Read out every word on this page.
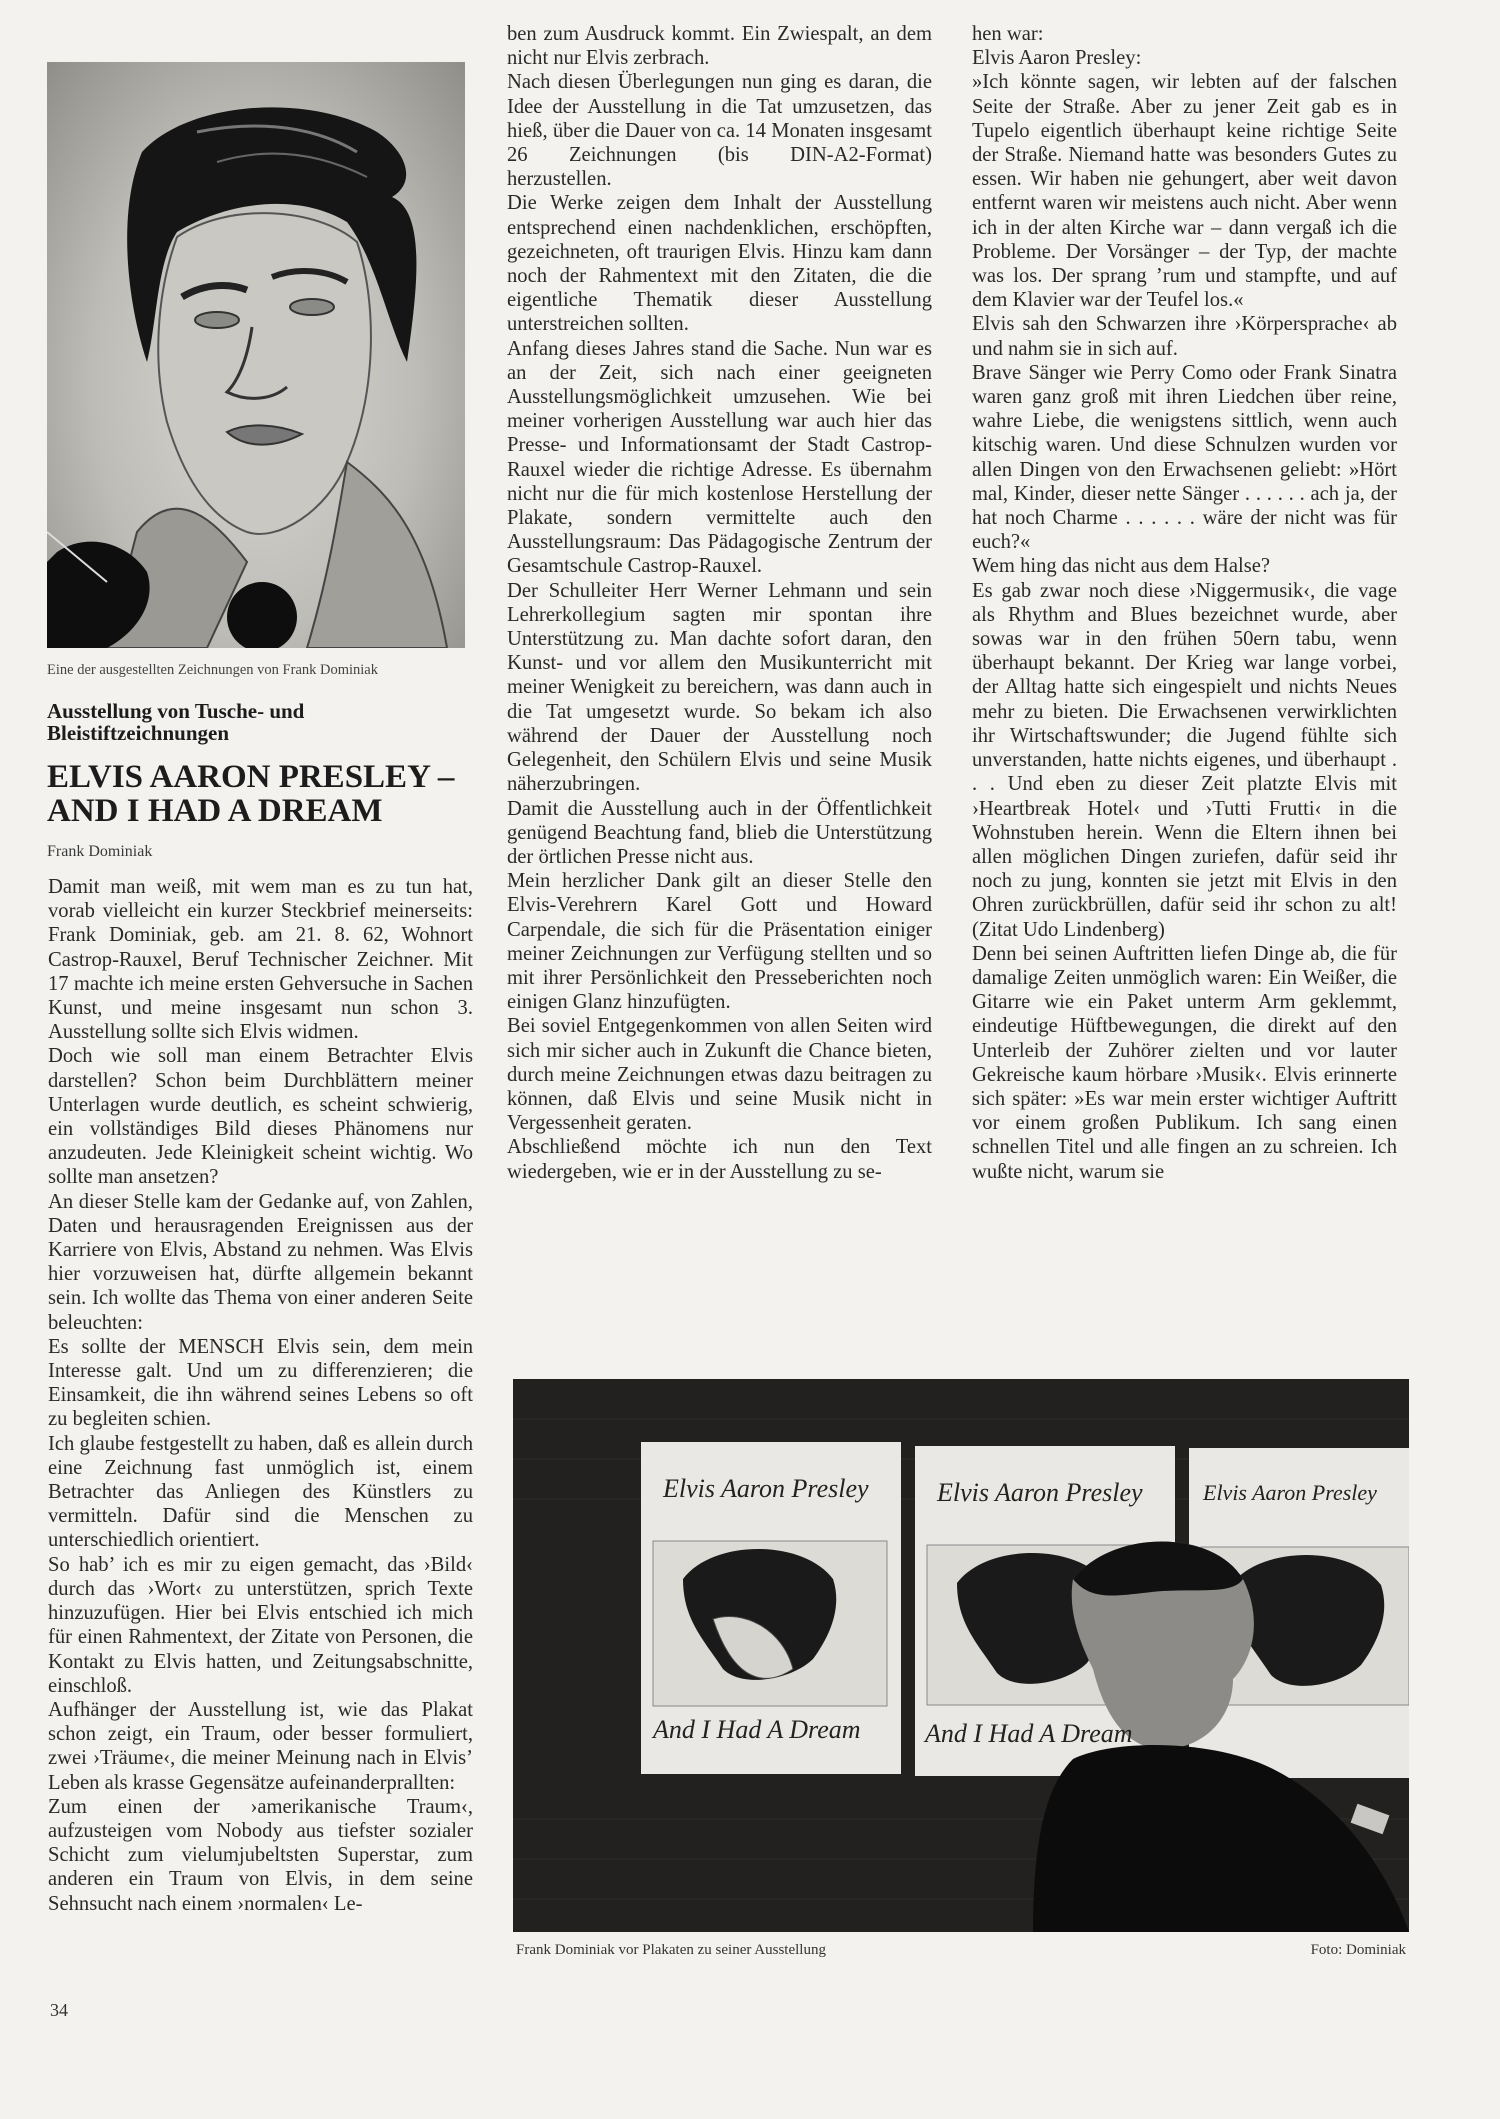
Eine der ausgestellten Zeichnungen von Frank Dominiak
Ausstellung von Tusche- und Bleistiftzeichnungen
ELVIS AARON PRESLEY – AND I HAD A DREAM
Frank Dominiak

Damit man weiß, mit wem man es zu tun hat, vorab vielleicht ein kurzer Steckbrief meinerseits: Frank Dominiak, geb. am 21. 8. 62, Wohnort Castrop-Rauxel, Beruf Technischer Zeichner. Mit 17 machte ich meine ersten Gehversuche in Sachen Kunst, und meine insgesamt nun schon 3. Ausstellung sollte sich Elvis widmen.

Doch wie soll man einem Betrachter Elvis darstellen? Schon beim Durchblättern meiner Unterlagen wurde deutlich, es scheint schwierig, ein vollständiges Bild dieses Phänomens nur anzudeuten. Jede Kleinigkeit scheint wichtig. Wo sollte man ansetzen?

An dieser Stelle kam der Gedanke auf, von Zahlen, Daten und herausragenden Ereignissen aus der Karriere von Elvis, Abstand zu nehmen. Was Elvis hier vorzuweisen hat, dürfte allgemein bekannt sein. Ich wollte das Thema von einer anderen Seite beleuchten:

Es sollte der MENSCH Elvis sein, dem mein Interesse galt. Und um zu differenzieren; die Einsamkeit, die ihn während seines Lebens so oft zu begleiten schien.

Ich glaube festgestellt zu haben, daß es allein durch eine Zeichnung fast unmöglich ist, einem Betrachter das Anliegen des Künstlers zu vermitteln. Dafür sind die Menschen zu unterschiedlich orientiert.

So hab’ ich es mir zu eigen gemacht, das ›Bild‹ durch das ›Wort‹ zu unterstützen, sprich Texte hinzuzufügen. Hier bei Elvis entschied ich mich für einen Rahmentext, der Zitate von Personen, die Kontakt zu Elvis hatten, und Zeitungsabschnitte, einschloß.

Aufhänger der Ausstellung ist, wie das Plakat schon zeigt, ein Traum, oder besser formuliert, zwei ›Träume‹, die meiner Meinung nach in Elvis’ Leben als krasse Gegensätze aufeinanderprallten:

Zum einen der ›amerikanische Traum‹, aufzusteigen vom Nobody aus tiefster sozialer Schicht zum vielumjubeltsten Superstar, zum anderen ein Traum von Elvis, in dem seine Sehnsucht nach einem ›normalen‹ Le-

ben zum Ausdruck kommt. Ein Zwiespalt, an dem nicht nur Elvis zerbrach.

Nach diesen Überlegungen nun ging es daran, die Idee der Ausstellung in die Tat umzusetzen, das hieß, über die Dauer von ca. 14 Monaten insgesamt 26 Zeichnungen (bis DIN-A2-Format) herzustellen.

Die Werke zeigen dem Inhalt der Ausstellung entsprechend einen nachdenklichen, erschöpften, gezeichneten, oft traurigen Elvis. Hinzu kam dann noch der Rahmentext mit den Zitaten, die die eigentliche Thematik dieser Ausstellung unterstreichen sollten.

Anfang dieses Jahres stand die Sache. Nun war es an der Zeit, sich nach einer geeigneten Ausstellungsmöglichkeit umzusehen. Wie bei meiner vorherigen Ausstellung war auch hier das Presse- und Informationsamt der Stadt Castrop-Rauxel wieder die richtige Adresse. Es übernahm nicht nur die für mich kostenlose Herstellung der Plakate, sondern vermittelte auch den Ausstellungsraum: Das Pädagogische Zentrum der Gesamtschule Castrop-Rauxel.

Der Schulleiter Herr Werner Lehmann und sein Lehrerkollegium sagten mir spontan ihre Unterstützung zu. Man dachte sofort daran, den Kunst- und vor allem den Musikunterricht mit meiner Wenigkeit zu bereichern, was dann auch in die Tat umgesetzt wurde. So bekam ich also während der Dauer der Ausstellung noch Gelegenheit, den Schülern Elvis und seine Musik näherzubringen.

Damit die Ausstellung auch in der Öffentlichkeit genügend Beachtung fand, blieb die Unterstützung der örtlichen Presse nicht aus.

Mein herzlicher Dank gilt an dieser Stelle den Elvis-Verehrern Karel Gott und Howard Carpendale, die sich für die Präsentation einiger meiner Zeichnungen zur Verfügung stellten und so mit ihrer Persönlichkeit den Presseberichten noch einigen Glanz hinzufügten.

Bei soviel Entgegenkommen von allen Seiten wird sich mir sicher auch in Zukunft die Chance bieten, durch meine Zeichnungen etwas dazu beitragen zu können, daß Elvis und seine Musik nicht in Vergessenheit geraten.

Abschließend möchte ich nun den Text wiedergeben, wie er in der Ausstellung zu se-

hen war:

Elvis Aaron Presley:

»Ich könnte sagen, wir lebten auf der falschen Seite der Straße. Aber zu jener Zeit gab es in Tupelo eigentlich überhaupt keine richtige Seite der Straße. Niemand hatte was besonders Gutes zu essen. Wir haben nie gehungert, aber weit davon entfernt waren wir meistens auch nicht. Aber wenn ich in der alten Kirche war – dann vergaß ich die Probleme. Der Vorsänger – der Typ, der machte was los. Der sprang ’rum und stampfte, und auf dem Klavier war der Teufel los.«

Elvis sah den Schwarzen ihre ›Körpersprache‹ ab und nahm sie in sich auf.

Brave Sänger wie Perry Como oder Frank Sinatra waren ganz groß mit ihren Liedchen über reine, wahre Liebe, die wenigstens sittlich, wenn auch kitschig waren. Und diese Schnulzen wurden vor allen Dingen von den Erwachsenen geliebt: »Hört mal, Kinder, dieser nette Sänger . . . . . . ach ja, der hat noch Charme . . . . . . wäre der nicht was für euch?«

Wem hing das nicht aus dem Halse?

Es gab zwar noch diese ›Niggermusik‹, die vage als Rhythm and Blues bezeichnet wurde, aber sowas war in den frühen 50ern tabu, wenn überhaupt bekannt. Der Krieg war lange vorbei, der Alltag hatte sich eingespielt und nichts Neues mehr zu bieten. Die Erwachsenen verwirklichten ihr Wirtschaftswunder; die Jugend fühlte sich unverstanden, hatte nichts eigenes, und überhaupt . . . Und eben zu dieser Zeit platzte Elvis mit ›Heartbreak Hotel‹ und ›Tutti Frutti‹ in die Wohnstuben herein. Wenn die Eltern ihnen bei allen möglichen Dingen zuriefen, dafür seid ihr noch zu jung, konnten sie jetzt mit Elvis in den Ohren zurückbrüllen, dafür seid ihr schon zu alt! (Zitat Udo Lindenberg)

Denn bei seinen Auftritten liefen Dinge ab, die für damalige Zeiten unmöglich waren: Ein Weißer, die Gitarre wie ein Paket unterm Arm geklemmt, eindeutige Hüftbewegungen, die direkt auf den Unterleib der Zuhörer zielten und vor lauter Gekreische kaum hörbare ›Musik‹. Elvis erinnerte sich später: »Es war mein erster wichtiger Auftritt vor einem großen Publikum. Ich sang einen schnellen Titel und alle fingen an zu schreien. Ich wußte nicht, warum sie

Elvis Aaron Presley	Elvis Aaron Presley	Elvis Aaron Presley
And I Had A Dream And I Had A Dream
Frank Dominiak vor Plakaten zu seiner Ausstellung	Foto: Dominiak
34
